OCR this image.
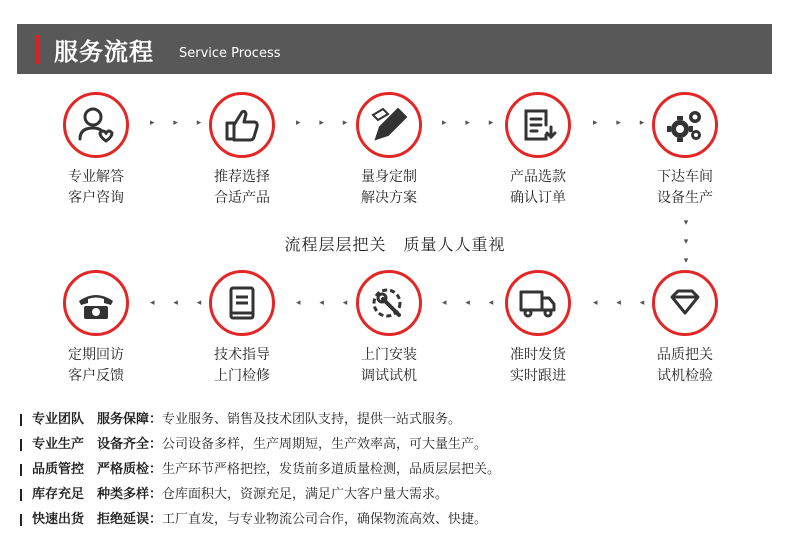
服务流程 Service Process
专业解答
客户咨询
▸ ▸ ▸
推荐选择
合适产品
▸ ▸ ▸
量身定制
解决方案
▸ ▸ ▸
产品选款
确认订单
▸ ▸ ▸
下达车间
设备生产
▾
▾
▾
流程层层把关　质量人人重视
定期回访
客户反馈
◂ ◂ ◂
技术指导
上门检修
◂ ◂ ◂
上门安装
调试试机
◂ ◂ ◂
准时发货
实时跟进
◂ ◂ ◂
品质把关
试机检验
专业团队　服务保障：专业服务、销售及技术团队支持，提供一站式服务。
专业生产　设备齐全：公司设备多样，生产周期短，生产效率高，可大量生产。
品质管控　严格质检：生产环节严格把控，发货前多道质量检测，品质层层把关。
库存充足　种类多样：仓库面积大，资源充足，满足广大客户量大需求。
快速出货　拒绝延误：工厂直发，与专业物流公司合作，确保物流高效、快捷。
